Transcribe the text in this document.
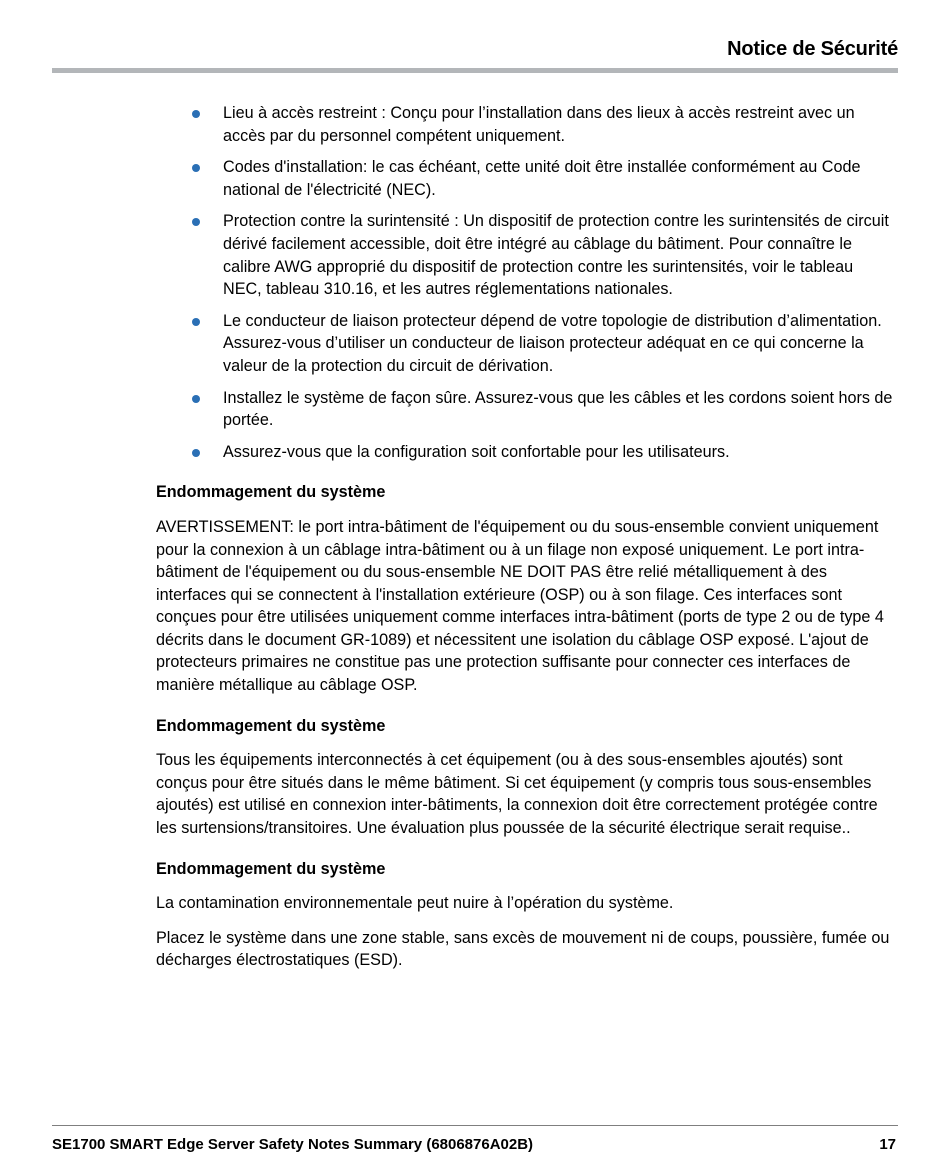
Notice de Sécurité
Lieu à accès restreint : Conçu pour l’installation dans des lieux à accès restreint avec un accès par du personnel compétent uniquement.
Codes d'installation: le cas échéant, cette unité doit être installée conformément au Code national de l'électricité (NEC).
Protection contre la surintensité : Un dispositif de protection contre les surintensités de circuit dérivé facilement accessible, doit être intégré au câblage du bâtiment. Pour connaître le calibre AWG approprié du dispositif de protection contre les surintensités, voir le tableau NEC, tableau 310.16, et les autres réglementations nationales.
Le conducteur de liaison protecteur dépend de votre topologie de distribution d’alimentation. Assurez-vous d’utiliser un conducteur de liaison protecteur adéquat en ce qui concerne la valeur de la protection du circuit de dérivation.
Installez le système de façon sûre. Assurez-vous que les câbles et les cordons soient hors de portée.
Assurez-vous que la configuration soit confortable pour les utilisateurs.
Endommagement du système

AVERTISSEMENT: le port intra-bâtiment de l'équipement ou du sous-ensemble convient uniquement pour la connexion à un câblage intra-bâtiment ou à un filage non exposé uniquement. Le port intra-bâtiment de l'équipement ou du sous-ensemble NE DOIT PAS être relié métalliquement à des interfaces qui se connectent à l'installation extérieure (OSP) ou à son filage. Ces interfaces sont conçues pour être utilisées uniquement comme interfaces intra-bâtiment (ports de type 2 ou de type 4 décrits dans le document GR-1089) et nécessitent une isolation du câblage OSP exposé. L'ajout de protecteurs primaires ne constitue pas une protection suffisante pour connecter ces interfaces de manière métallique au câblage OSP.

Endommagement du système

Tous les équipements interconnectés à cet équipement (ou à des sous-ensembles ajoutés) sont conçus pour être situés dans le même bâtiment. Si cet équipement (y compris tous sous-ensembles ajoutés) est utilisé en connexion inter-bâtiments, la connexion doit être correctement protégée contre les surtensions/transitoires. Une évaluation plus poussée de la sécurité électrique serait requise..

Endommagement du système

La contamination environnementale peut nuire à l’opération du système.

Placez le système dans une zone stable, sans excès de mouvement ni de coups, poussière, fumée ou décharges électrostatiques (ESD).

SE1700 SMART Edge Server Safety Notes Summary (6806876A02B)	17
